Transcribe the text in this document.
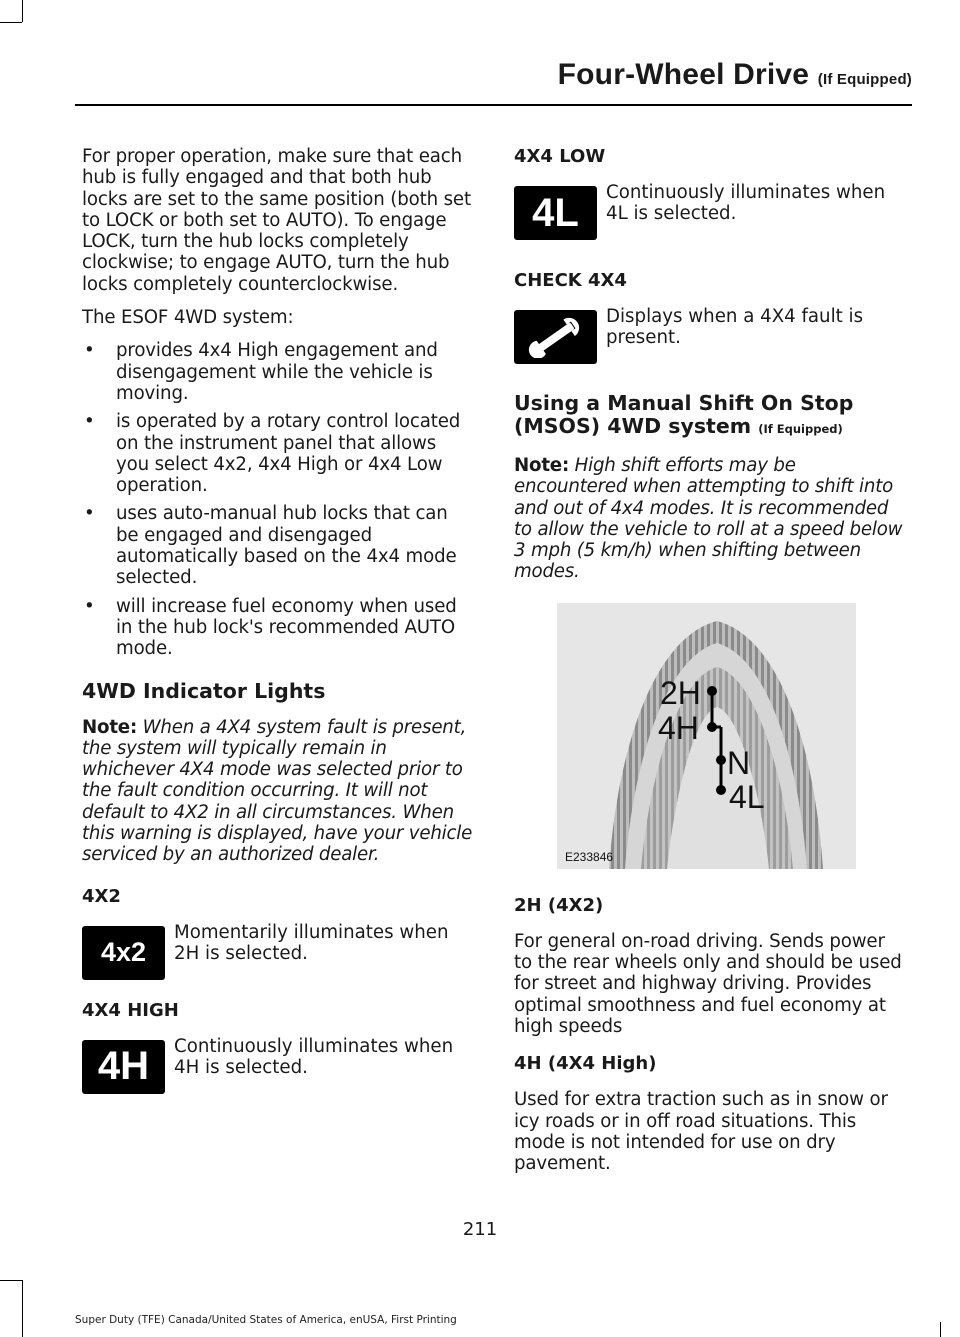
Four-Wheel Drive (If Equipped)

For proper operation, make sure that each hub is fully engaged and that both hub locks are set to the same position (both set to LOCK or both set to AUTO). To engage LOCK, turn the hub locks completely clockwise; to engage AUTO, turn the hub locks completely counterclockwise.

The ESOF 4WD system:

• provides 4x4 High engagement and disengagement while the vehicle is moving.
• is operated by a rotary control located on the instrument panel that allows you select 4x2, 4x4 High or 4x4 Low operation.
• uses auto-manual hub locks that can be engaged and disengaged automatically based on the 4x4 mode selected.
• will increase fuel economy when used in the hub lock's recommended AUTO mode.
4WD Indicator Lights

Note: When a 4X4 system fault is present, the system will typically remain in whichever 4X4 mode was selected prior to the fault condition occurring. It will not default to 4X2 in all circumstances. When this warning is displayed, have your vehicle serviced by an authorized dealer.

4X2
4x2
Momentarily illuminates when 2H is selected.
4X4 HIGH
4H Continuously illuminates when 4H is selected.
4X4 LOW
4L Continuously illuminates when 4L is selected.
CHECK 4X4
Displays when a 4X4 fault is present.
Using a Manual Shift On Stop (MSOS) 4WD system (If Equipped)

Note: High shift efforts may be encountered when attempting to shift into and out of 4x4 modes. It is recommended to allow the vehicle to roll at a speed below 3 mph (5 km/h) when shifting between modes.

2H
4H
N
4L
E233846
2H (4X2)

For general on-road driving. Sends power to the rear wheels only and should be used for street and highway driving. Provides optimal smoothness and fuel economy at high speeds

4H (4X4 High)

Used for extra traction such as in snow or icy roads or in off road situations. This mode is not intended for use on dry pavement.

211
Super Duty (TFE) Canada/United States of America, enUSA, First Printing
